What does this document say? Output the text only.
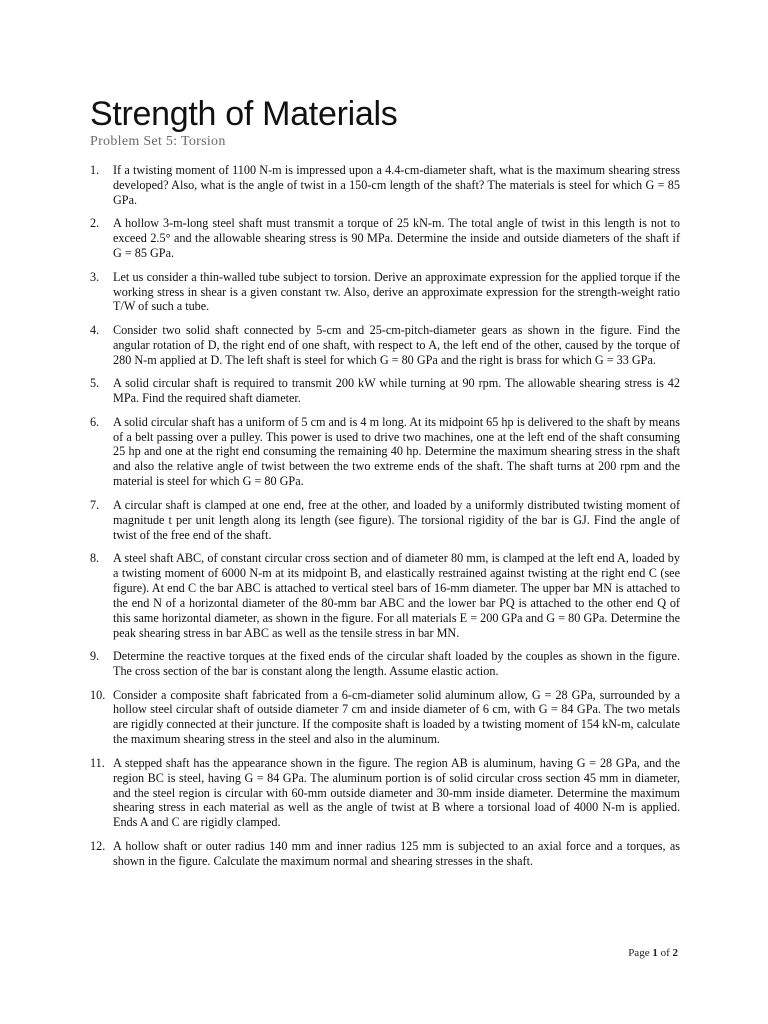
Strength of Materials
Problem Set 5: Torsion
1. If a twisting moment of 1100 N-m is impressed upon a 4.4-cm-diameter shaft, what is the maximum shearing stress developed? Also, what is the angle of twist in a 150-cm length of the shaft? The materials is steel for which G = 85 GPa.
2. A hollow 3-m-long steel shaft must transmit a torque of 25 kN-m. The total angle of twist in this length is not to exceed 2.5° and the allowable shearing stress is 90 MPa. Determine the inside and outside diameters of the shaft if G = 85 GPa.
3. Let us consider a thin-walled tube subject to torsion. Derive an approximate expression for the applied torque if the working stress in shear is a given constant τw. Also, derive an approximate expression for the strength-weight ratio T/W of such a tube.
4. Consider two solid shaft connected by 5-cm and 25-cm-pitch-diameter gears as shown in the figure. Find the angular rotation of D, the right end of one shaft, with respect to A, the left end of the other, caused by the torque of 280 N-m applied at D. The left shaft is steel for which G = 80 GPa and the right is brass for which G = 33 GPa.
5. A solid circular shaft is required to transmit 200 kW while turning at 90 rpm. The allowable shearing stress is 42 MPa. Find the required shaft diameter.
6. A solid circular shaft has a uniform of 5 cm and is 4 m long. At its midpoint 65 hp is delivered to the shaft by means of a belt passing over a pulley. This power is used to drive two machines, one at the left end of the shaft consuming 25 hp and one at the right end consuming the remaining 40 hp. Determine the maximum shearing stress in the shaft and also the relative angle of twist between the two extreme ends of the shaft. The shaft turns at 200 rpm and the material is steel for which G = 80 GPa.
7. A circular shaft is clamped at one end, free at the other, and loaded by a uniformly distributed twisting moment of magnitude t per unit length along its length (see figure). The torsional rigidity of the bar is GJ. Find the angle of twist of the free end of the shaft.
8. A steel shaft ABC, of constant circular cross section and of diameter 80 mm, is clamped at the left end A, loaded by a twisting moment of 6000 N-m at its midpoint B, and elastically restrained against twisting at the right end C (see figure). At end C the bar ABC is attached to vertical steel bars of 16-mm diameter. The upper bar MN is attached to the end N of a horizontal diameter of the 80-mm bar ABC and the lower bar PQ is attached to the other end Q of this same horizontal diameter, as shown in the figure. For all materials E = 200 GPa and G = 80 GPa. Determine the peak shearing stress in bar ABC as well as the tensile stress in bar MN.
9. Determine the reactive torques at the fixed ends of the circular shaft loaded by the couples as shown in the figure. The cross section of the bar is constant along the length. Assume elastic action.
10. Consider a composite shaft fabricated from a 6-cm-diameter solid aluminum allow, G = 28 GPa, surrounded by a hollow steel circular shaft of outside diameter 7 cm and inside diameter of 6 cm, with G = 84 GPa. The two metals are rigidly connected at their juncture. If the composite shaft is loaded by a twisting moment of 154 kN-m, calculate the maximum shearing stress in the steel and also in the aluminum.
11. A stepped shaft has the appearance shown in the figure. The region AB is aluminum, having G = 28 GPa, and the region BC is steel, having G = 84 GPa. The aluminum portion is of solid circular cross section 45 mm in diameter, and the steel region is circular with 60-mm outside diameter and 30-mm inside diameter. Determine the maximum shearing stress in each material as well as the angle of twist at B where a torsional load of 4000 N-m is applied. Ends A and C are rigidly clamped.
12. A hollow shaft or outer radius 140 mm and inner radius 125 mm is subjected to an axial force and a torques, as shown in the figure. Calculate the maximum normal and shearing stresses in the shaft.
Page 1 of 2
